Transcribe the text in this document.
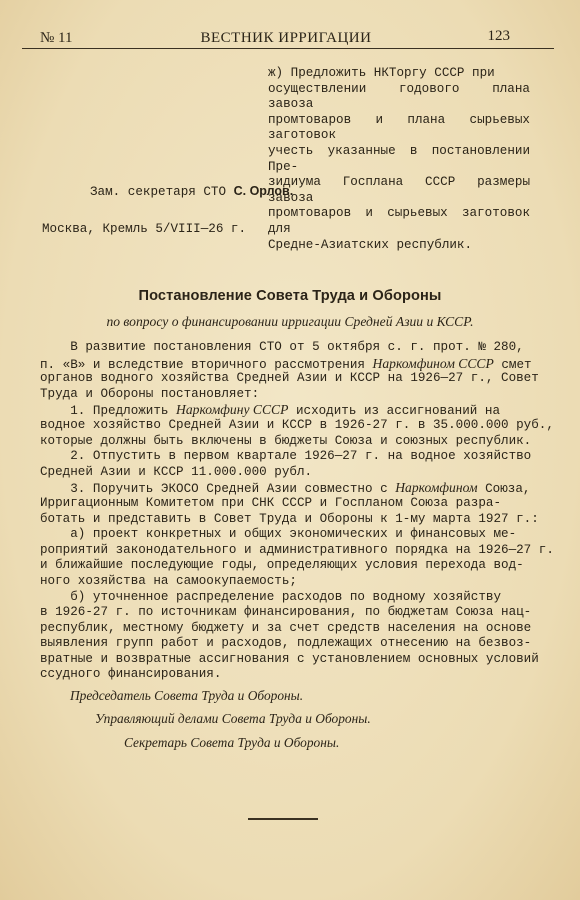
№ 11	ВЕСТНИК ИРРИГАЦИИ	123

ж) Предложить НКТоргу СССР при

осуществлении годового плана завоза

промтоваров и плана сырьевых заготовок

учесть указанные в постановлении Пре-

зидиума Госплана СССР размеры завоза

промтоваров и сырьевых заготовок для

Средне-Азиатских республик.

Зам. секретаря СТО С. Орлов.
Москва, Кремль 5/VIII—26 г.
Постановление Совета Труда и Обороны
по вопросу о финансировании ирригации Средней Азии и КССР.
В развитие постановления СТО от 5 октября с. г. прот. № 280,
п. «В» и вследствие вторичного рассмотрения Наркомфином СССР смет
органов водного хозяйства Средней Азии и КССР на 1926—27 г., Совет
Труда и Обороны постановляет:
1. Предложить Наркомфину СССР исходить из ассигнований на
водное хозяйство Средней Азии и КССР в 1926-27 г. в 35.000.000 руб.,
которые должны быть включены в бюджеты Союза и союзных республик.
2. Отпустить в первом квартале 1926—27 г. на водное хозяйство
Средней Азии и КССР 11.000.000 рубл.
3. Поручить ЭКОСО Средней Азии совместно с Наркомфином Союза,
Ирригационным Комитетом при СНК СССР и Госпланом Союза разра-
ботать и представить в Совет Труда и Обороны к 1-му марта 1927 г.:
а) проект конкретных и общих экономических и финансовых ме-
роприятий законодательного и административного порядка на 1926—27 г.
и ближайшие последующие годы, определяющих условия перехода вод-
ного хозяйства на самоокупаемость;
б) уточненное распределение расходов по водному хозяйству
в 1926-27 г. по источникам финансирования, по бюджетам Союза нац-
республик, местному бюджету и за счет средств населения на основе
выявления групп работ и расходов, подлежащих отнесению на безвоз-
вратные и возвратные ассигнования с установлением основных условий
ссудного финансирования.
Председатель Совета Труда и Обороны.
Управляющий делами Совета Труда и Обороны.
Секретарь Совета Труда и Обороны.
